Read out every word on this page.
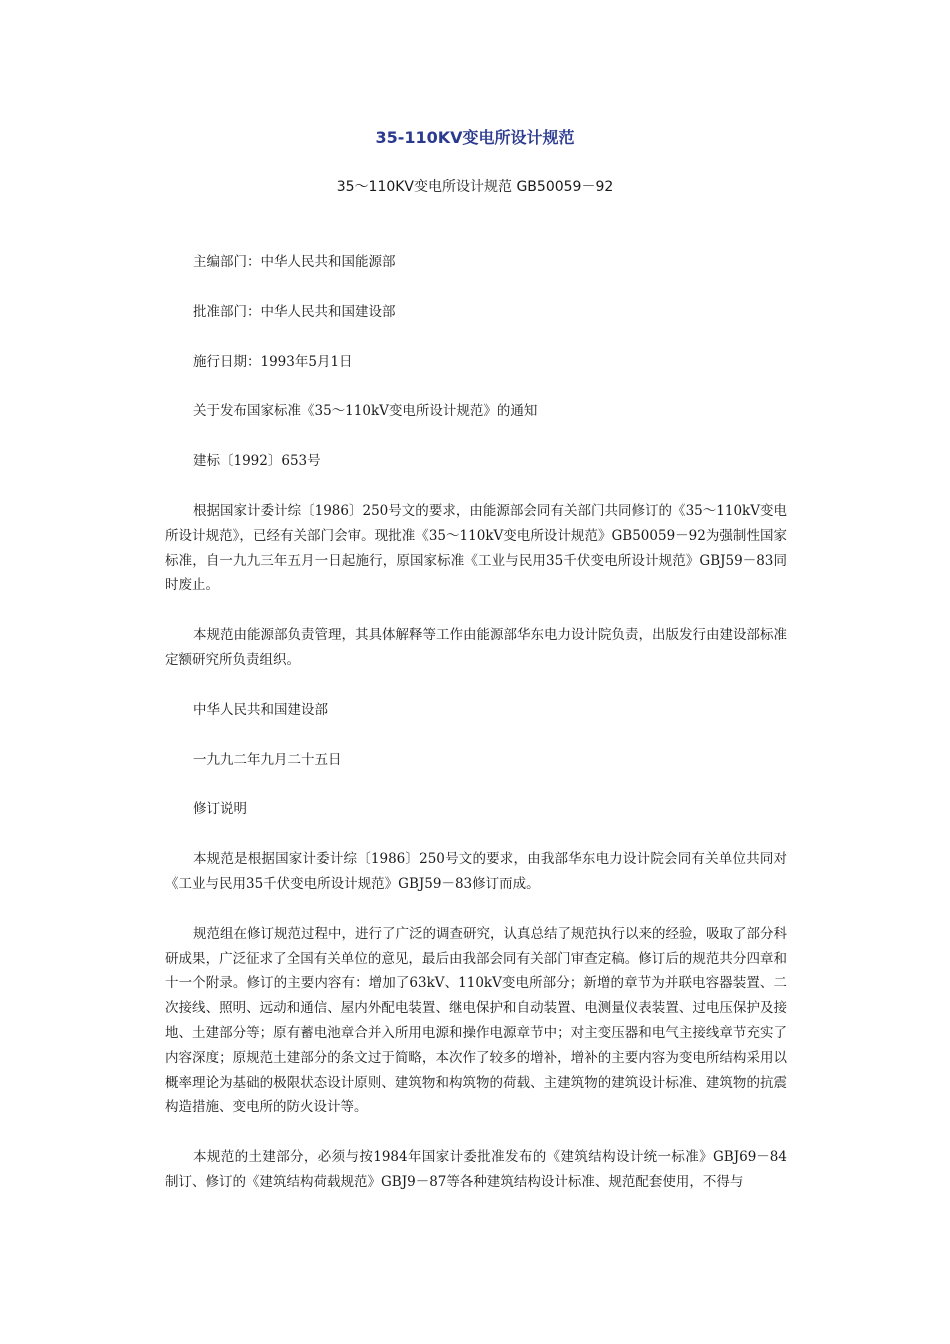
35-110KV变电所设计规范
35～110KV变电所设计规范 GB50059－92

主编部门：中华人民共和国能源部

批准部门：中华人民共和国建设部

施行日期：1993年5月1日

关于发布国家标准《35～110kV变电所设计规范》的通知

建标〔1992〕653号

根据国家计委计综〔1986〕250号文的要求，由能源部会同有关部门共同修订的《35～110kV变电所设计规范》，已经有关部门会审。现批准《35～110kV变电所设计规范》GB50059－92为强制性国家标准，自一九九三年五月一日起施行，原国家标准《工业与民用35千伏变电所设计规范》GBJ59－83同时废止。

本规范由能源部负责管理，其具体解释等工作由能源部华东电力设计院负责，出版发行由建设部标准定额研究所负责组织。

中华人民共和国建设部

一九九二年九月二十五日

修订说明

本规范是根据国家计委计综〔1986〕250号文的要求，由我部华东电力设计院会同有关单位共同对《工业与民用35千伏变电所设计规范》GBJ59－83修订而成。

规范组在修订规范过程中，进行了广泛的调查研究，认真总结了规范执行以来的经验，吸取了部分科研成果，广泛征求了全国有关单位的意见，最后由我部会同有关部门审查定稿。修订后的规范共分四章和十一个附录。修订的主要内容有：增加了63kV、110kV变电所部分；新增的章节为并联电容器装置、二次接线、照明、远动和通信、屋内外配电装置、继电保护和自动装置、电测量仪表装置、过电压保护及接地、土建部分等；原有蓄电池章合并入所用电源和操作电源章节中；对主变压器和电气主接线章节充实了内容深度；原规范土建部分的条文过于简略，本次作了较多的增补，增补的主要内容为变电所结构采用以概率理论为基础的极限状态设计原则、建筑物和构筑物的荷载、主建筑物的建筑设计标准、建筑物的抗震构造措施、变电所的防火设计等。

本规范的土建部分，必须与按1984年国家计委批准发布的《建筑结构设计统一标准》GBJ69－84制订、修订的《建筑结构荷载规范》GBJ9－87等各种建筑结构设计标准、规范配套使用，不得与
